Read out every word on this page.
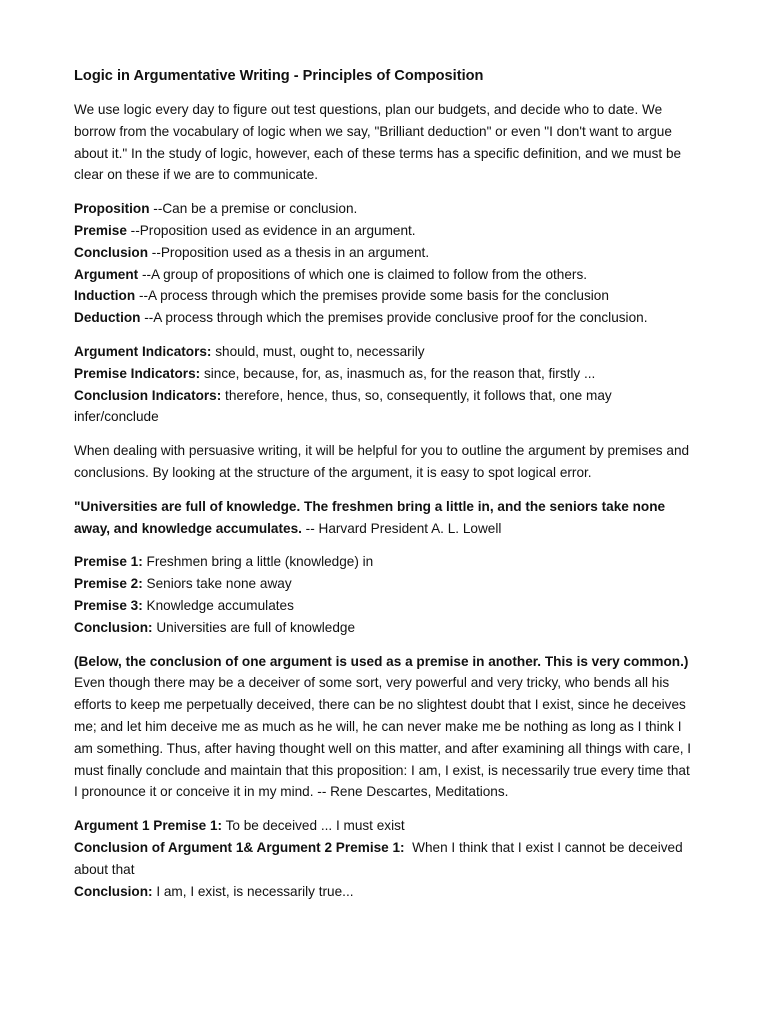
Logic in Argumentative Writing - Principles of Composition
We use logic every day to figure out test questions, plan our budgets, and decide who to date. We borrow from the vocabulary of logic when we say, "Brilliant deduction" or even "I don't want to argue about it." In the study of logic, however, each of these terms has a specific definition, and we must be clear on these if we are to communicate.
Proposition --Can be a premise or conclusion.
Premise --Proposition used as evidence in an argument.
Conclusion --Proposition used as a thesis in an argument.
Argument --A group of propositions of which one is claimed to follow from the others.
Induction --A process through which the premises provide some basis for the conclusion
Deduction --A process through which the premises provide conclusive proof for the conclusion.
Argument Indicators: should, must, ought to, necessarily
Premise Indicators: since, because, for, as, inasmuch as, for the reason that, firstly ...
Conclusion Indicators: therefore, hence, thus, so, consequently, it follows that, one may infer/conclude
When dealing with persuasive writing, it will be helpful for you to outline the argument by premises and conclusions. By looking at the structure of the argument, it is easy to spot logical error.
"Universities are full of knowledge. The freshmen bring a little in, and the seniors take none away, and knowledge accumulates. -- Harvard President A. L. Lowell
Premise 1: Freshmen bring a little (knowledge) in
Premise 2: Seniors take none away
Premise 3: Knowledge accumulates
Conclusion: Universities are full of knowledge
(Below, the conclusion of one argument is used as a premise in another. This is very common.)
Even though there may be a deceiver of some sort, very powerful and very tricky, who bends all his efforts to keep me perpetually deceived, there can be no slightest doubt that I exist, since he deceives me; and let him deceive me as much as he will, he can never make me be nothing as long as I think I am something. Thus, after having thought well on this matter, and after examining all things with care, I must finally conclude and maintain that this proposition: I am, I exist, is necessarily true every time that I pronounce it or conceive it in my mind. -- Rene Descartes, Meditations.
Argument 1 Premise 1: To be deceived ... I must exist
Conclusion of Argument 1& Argument 2 Premise 1:  When I think that I exist I cannot be deceived about that
Conclusion: I am, I exist, is necessarily true...
